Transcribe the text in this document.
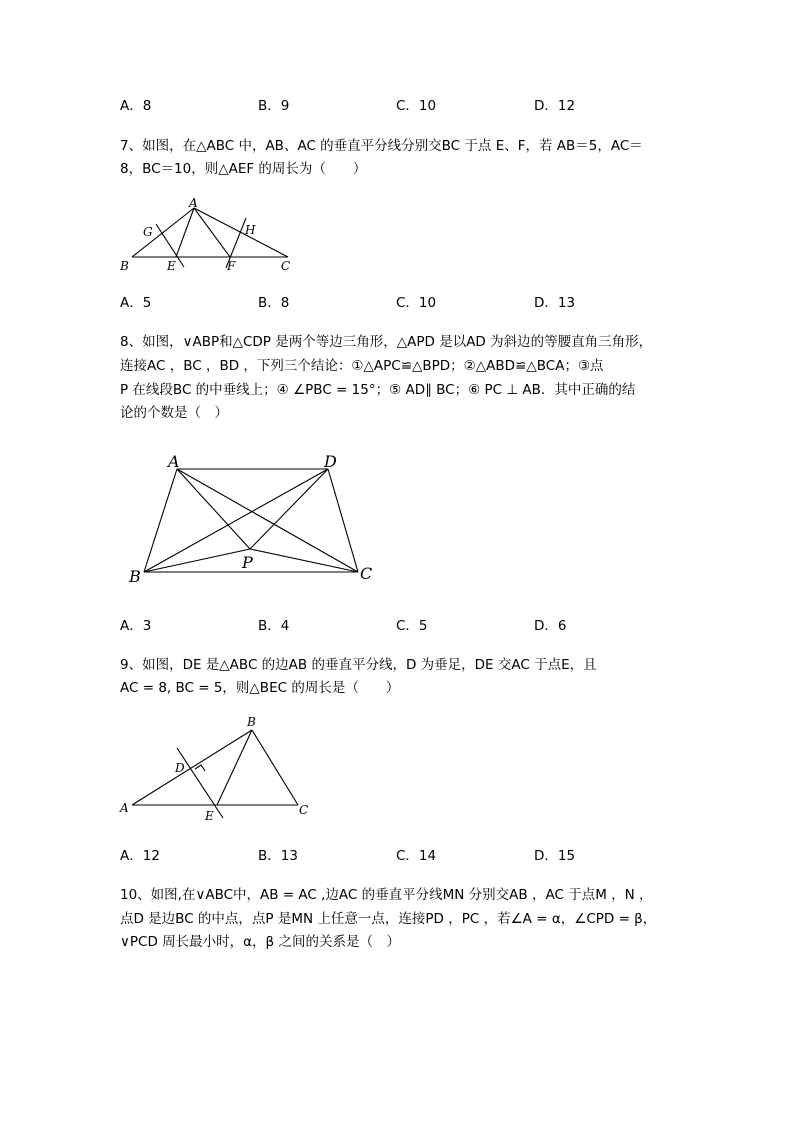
A．8	B．9	C．10	D．12
7、如图，在△ABC 中，AB、AC 的垂直平分线分别交BC 于点 E、F，若 AB＝5，AC＝
8，BC＝10，则△AEF 的周长为（　　）
A
B	C
E	F
G	H
A．5	B．8	C．10	D．13
8、如图，∨ABP和△CDP 是两个等边三角形，△APD 是以AD 为斜边的等腰直角三角形，
连接AC ，BC ，BD ，下列三个结论：①△APC≌△BPD；②△ABD≌△BCA；③点
P 在线段BC 的中垂线上；④ ∠PBC = 15°；⑤ AD∥ BC；⑥ PC ⊥ AB．其中正确的结
论的个数是（　）
A	D
B	C
P
A．3	B．4	C．5	D．6
9、如图，DE 是△ABC 的边AB 的垂直平分线，D 为垂足，DE 交AC 于点E，且
AC = 8, BC = 5，则△BEC 的周长是（　　）
B
D
A
E	C
A．12	B．13	C．14	D．15
10、如图,在∨ABC中，AB = AC ,边AC 的垂直平分线MN 分别交AB ，AC 于点M ，N ，
点D 是边BC 的中点，点P 是MN 上任意一点，连接PD ，PC ，若∠A = α，∠CPD = β，
∨PCD 周长最小时，α，β 之间的关系是（　）
